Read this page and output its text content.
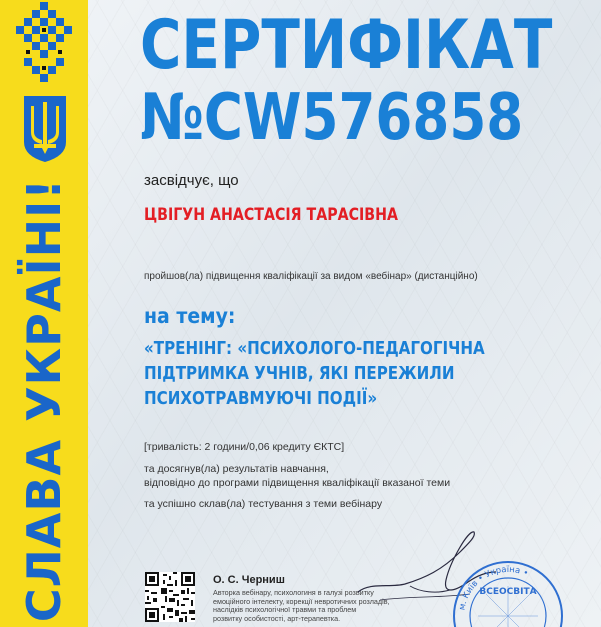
СЛАВА УКРАЇНІ!
СЕРТИФІКАТ
№CW576858
засвідчує, що
ЦВІГУН АНАСТАСІЯ ТАРАСІВНА
пройшов(ла) підвищення кваліфікації за видом «вебінар» (дистанційно)
на тему:
«ТРЕНІНГ: «ПСИХОЛОГО-ПЕДАГОГІЧНА
ПІДТРИМКА УЧНІВ, ЯКІ ПЕРЕЖИЛИ
ПСИХОТРАВМУЮЧІ ПОДІЇ»
[тривалість: 2 години/0,06 кредиту ЄКТС]
та досягнув(ла) результатів навчання,
відповідно до програми підвищення кваліфікації вказаної теми
та успішно склав(ла) тестування з теми вебінару
О. С. Черниш
Авторка вебінару, психологиня в галузі розвитку
емоційного інтелекту, корекції невротичних розладів,
наслідків психологічної травми та проблем
розвитку особистості, арт-терапевтка.
м. Київ • Україна •
ВСЕОСВІТА
